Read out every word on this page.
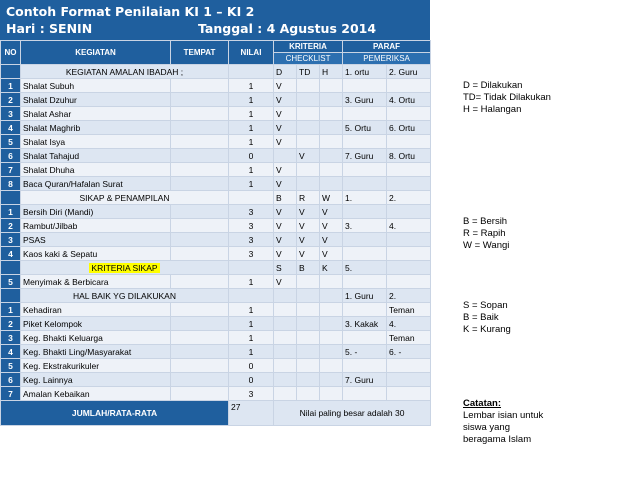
Contoh Format Penilaian KI 1 – KI 2
Hari : SENIN	Tanggal : 4 Agustus 2014
NO	KEGIATAN	TEMPAT	NILAI	KRITERIA			PARAF	
				CHECKLIST			PEMERIKSA	
	KEGIATAN AMALAN IBADAH ;			D	TD	H	1. ortu	2. Guru
1	Shalat Subuh		1	V				
2	Shalat Dzuhur		1	V			3. Guru	4. Ortu
3	Shalat Ashar		1	V				
4	Shalat Maghrib		1	V			5. Ortu	6. Ortu
5	Shalat Isya		1	V				
6	Shalat Tahajud		0		V		7. Guru	8. Ortu
7	Shalat Dhuha		1	V				
8	Baca Quran/Hafalan Surat		1	V				
	SIKAP & PENAMPILAN			B	R	W	1.	2.
1	Bersih Diri (Mandi)		3	V	V	V		
2	Rambut/Jilbab		3	V	V	V	3.	4.
3	PSAS		3	V	V	V		
4	Kaos kaki & Sepatu		3	V	V	V		
	KRITERIA SIKAP			S	B	K	5.	
5	Menyimak & Berbicara		1	V				
	HAL BAIK YG DILAKUKAN						1. Guru	2.
1	Kehadiran		1					Teman
2	Piket Kelompok		1				3. Kakak	4.
3	Keg. Bhakti Keluarga		1					Teman
4	Keg. Bhakti Ling/Masyarakat		1				5. -	6. -
5	Keg. Ekstrakurikuler		0					
6	Keg. Lainnya		0				7. Guru	
7	Amalan Kebaikan		3					
JUMLAH/RATA-RATA			27	Nilai paling besar adalah 30				
D = Dilakukan
TD= Tidak Dilakukan
H = Halangan
B = Bersih
R = Rapih
W = Wangi
S = Sopan
B = Baik
K = Kurang
Catatan:
Lembar isian untuk
siswa yang
beragama Islam
